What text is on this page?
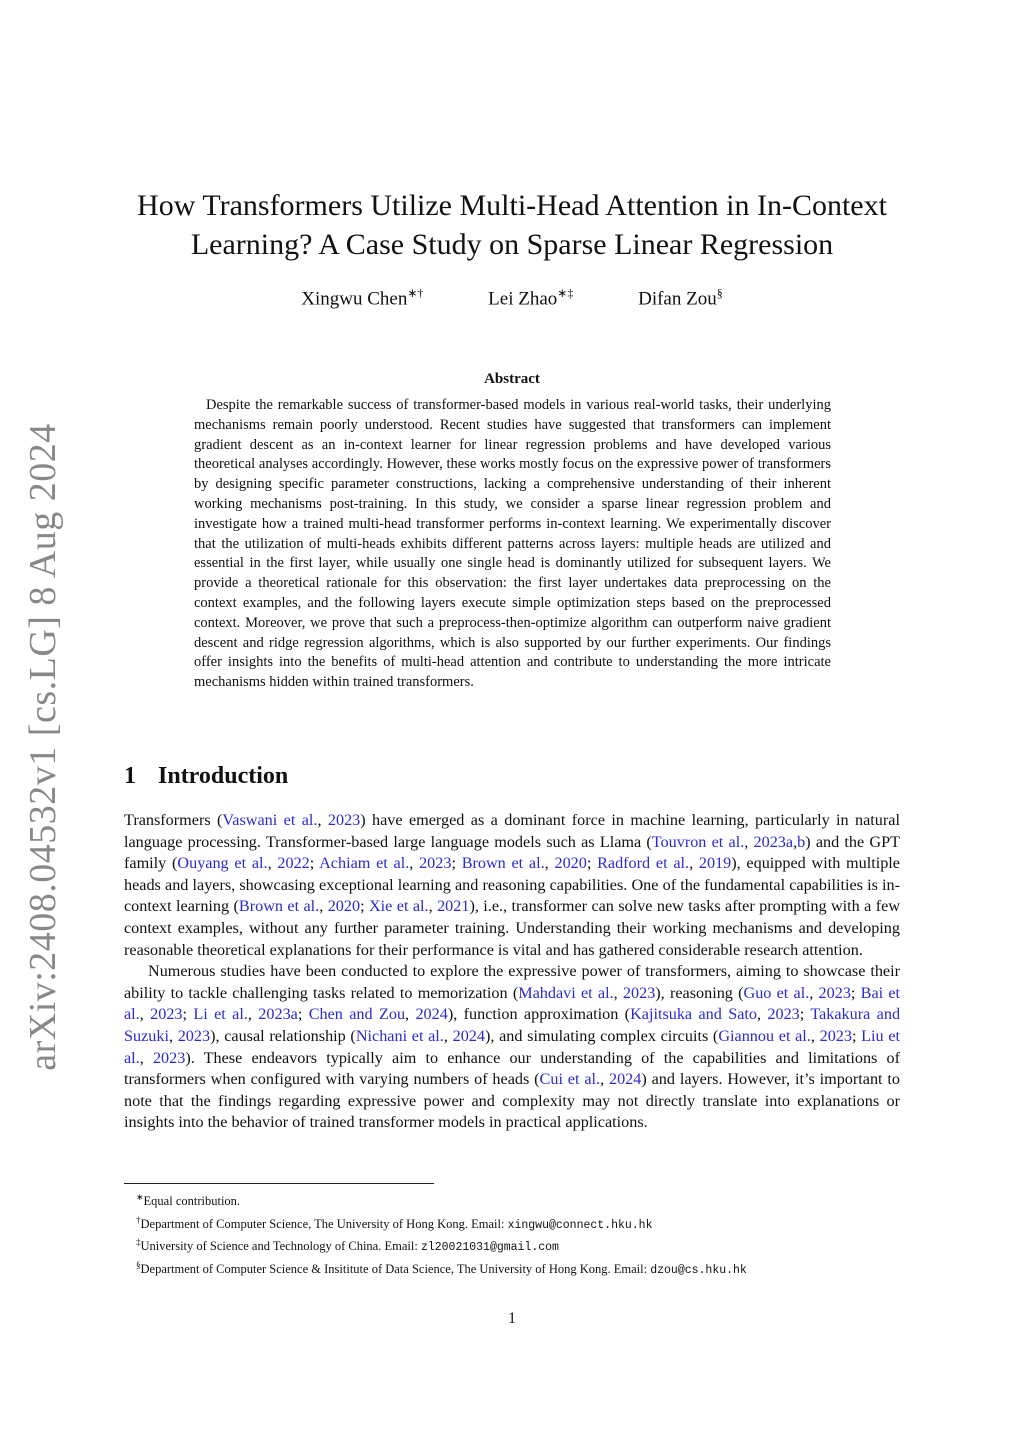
arXiv:2408.04532v1 [cs.LG] 8 Aug 2024
How Transformers Utilize Multi-Head Attention in In-Context
Learning? A Case Study on Sparse Linear Regression
Xingwu Chen∗†	Lei Zhao∗‡	Difan Zou§
Abstract

Despite the remarkable success of transformer-based models in various real-world tasks, their underlying mechanisms remain poorly understood. Recent studies have suggested that transformers can implement gradient descent as an in-context learner for linear regression problems and have developed various theoretical analyses accordingly. However, these works mostly focus on the expressive power of transformers by designing specific parameter constructions, lacking a comprehensive understanding of their inherent working mechanisms post-training. In this study, we consider a sparse linear regression problem and investigate how a trained multi-head transformer performs in-context learning. We experimentally discover that the utilization of multi-heads exhibits different patterns across layers: multiple heads are utilized and essential in the first layer, while usually one single head is dominantly utilized for subsequent layers. We provide a theoretical rationale for this observation: the first layer undertakes data preprocessing on the context examples, and the following layers execute simple optimization steps based on the preprocessed context. Moreover, we prove that such a preprocess-then-optimize algorithm can outperform naive gradient descent and ridge regression algorithms, which is also supported by our further experiments. Our findings offer insights into the benefits of multi-head attention and contribute to understanding the more intricate mechanisms hidden within trained transformers.

1 Introduction

Transformers (Vaswani et al., 2023) have emerged as a dominant force in machine learning, particularly in natural language processing. Transformer-based large language models such as Llama (Touvron et al., 2023a,b) and the GPT family (Ouyang et al., 2022; Achiam et al., 2023; Brown et al., 2020; Radford et al., 2019), equipped with multiple heads and layers, showcasing exceptional learning and reasoning capabilities. One of the fundamental capabilities is in-context learning (Brown et al., 2020; Xie et al., 2021), i.e., transformer can solve new tasks after prompting with a few context examples, without any further parameter training. Understanding their working mechanisms and developing reasonable theoretical explanations for their performance is vital and has gathered considerable research attention.

Numerous studies have been conducted to explore the expressive power of transformers, aiming to showcase their ability to tackle challenging tasks related to memorization (Mahdavi et al., 2023), reasoning (Guo et al., 2023; Bai et al., 2023; Li et al., 2023a; Chen and Zou, 2024), function approximation (Kajitsuka and Sato, 2023; Takakura and Suzuki, 2023), causal relationship (Nichani et al., 2024), and simulating complex circuits (Giannou et al., 2023; Liu et al., 2023). These endeavors typically aim to enhance our understanding of the capabilities and limitations of transformers when configured with varying numbers of heads (Cui et al., 2024) and layers. However, it’s important to note that the findings regarding expressive power and complexity may not directly translate into explanations or insights into the behavior of trained transformer models in practical applications.

∗Equal contribution.
†Department of Computer Science, The University of Hong Kong. Email: xingwu@connect.hku.hk
‡University of Science and Technology of China. Email: zl20021031@gmail.com
§Department of Computer Science & Insititute of Data Science, The University of Hong Kong. Email: dzou@cs.hku.hk
1
